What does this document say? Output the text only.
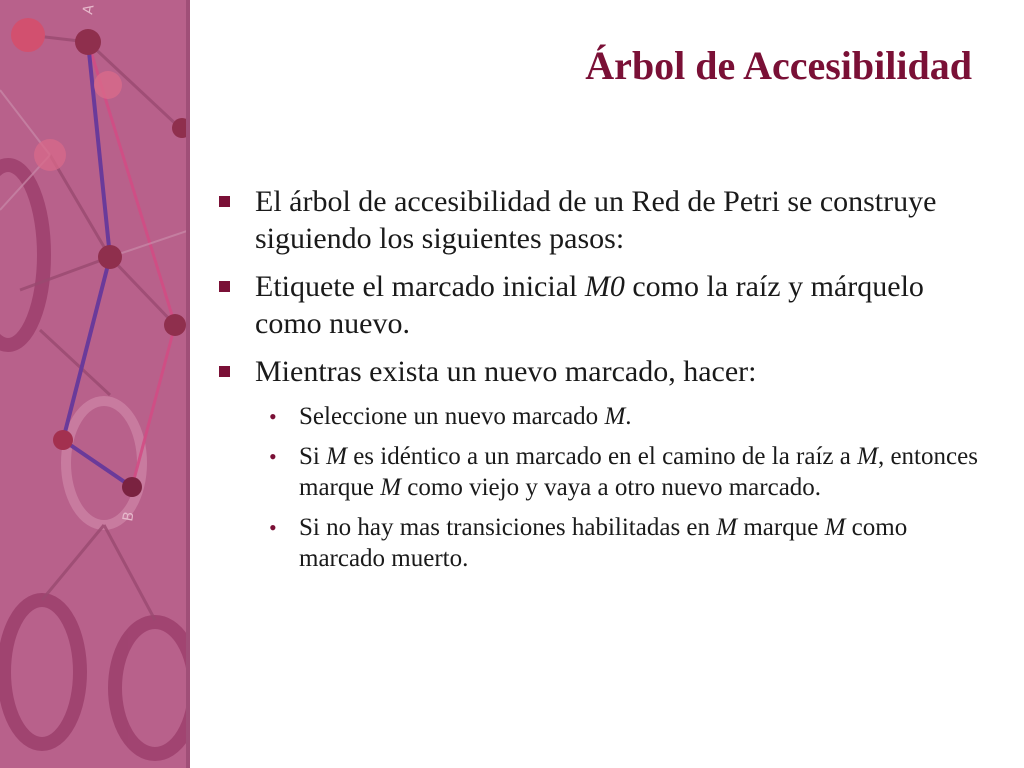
A
B
Árbol de Accesibilidad
El árbol de accesibilidad de un Red de Petri se construye siguiendo los siguientes pasos:
Etiquete el marcado inicial M0 como la raíz y márquelo como nuevo.
Mientras exista un nuevo marcado, hacer:
• Seleccione un nuevo marcado M.
• Si M es idéntico a un marcado en el camino de la raíz a M, entonces marque M como viejo y vaya a otro nuevo marcado.
• Si no hay mas transiciones habilitadas en M marque M como marcado muerto.
